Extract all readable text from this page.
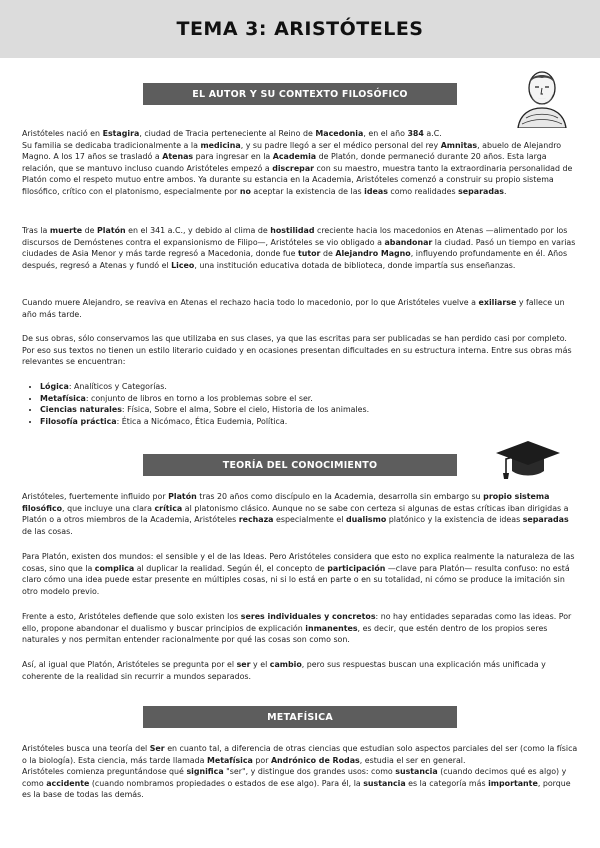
TEMA 3: ARISTÓTELES
EL AUTOR Y SU CONTEXTO FILOSÓFICO

Aristóteles nació en Estagira, ciudad de Tracia perteneciente al Reino de Macedonia, en el año 384 a.C.
Su familia se dedicaba tradicionalmente a la medicina, y su padre llegó a ser el médico personal del rey Amnitas, abuelo de Alejandro Magno. A los 17 años se trasladó a Atenas para ingresar en la Academia de Platón, donde permaneció durante 20 años. Esta larga relación, que se mantuvo incluso cuando Aristóteles empezó a discrepar con su maestro, muestra tanto la extraordinaria personalidad de Platón como el respeto mutuo entre ambos. Ya durante su estancia en la Academia, Aristóteles comenzó a construir su propio sistema filosófico, crítico con el platonismo, especialmente por no aceptar la existencia de las ideas como realidades separadas.

Tras la muerte de Platón en el 341 a.C., y debido al clima de hostilidad creciente hacia los macedonios en Atenas —alimentado por los discursos de Demóstenes contra el expansionismo de Filipo—, Aristóteles se vio obligado a abandonar la ciudad. Pasó un tiempo en varias ciudades de Asia Menor y más tarde regresó a Macedonia, donde fue tutor de Alejandro Magno, influyendo profundamente en él. Años después, regresó a Atenas y fundó el Liceo, una institución educativa dotada de biblioteca, donde impartía sus enseñanzas.

Cuando muere Alejandro, se reaviva en Atenas el rechazo hacia todo lo macedonio, por lo que Aristóteles vuelve a exiliarse y fallece un año más tarde.

De sus obras, sólo conservamos las que utilizaba en sus clases, ya que las escritas para ser publicadas se han perdido casi por completo. Por eso sus textos no tienen un estilo literario cuidado y en ocasiones presentan dificultades en su estructura interna. Entre sus obras más relevantes se encuentran:

• Lógica: Analíticos y Categorías.
• Metafísica: conjunto de libros en torno a los problemas sobre el ser.
• Ciencias naturales: Física, Sobre el alma, Sobre el cielo, Historia de los animales.
• Filosofía práctica: Ética a Nicómaco, Ética Eudemia, Política.
TEORÍA DEL CONOCIMIENTO

Aristóteles, fuertemente influido por Platón tras 20 años como discípulo en la Academia, desarrolla sin embargo su propio sistema filosófico, que incluye una clara crítica al platonismo clásico. Aunque no se sabe con certeza si algunas de estas críticas iban dirigidas a Platón o a otros miembros de la Academia, Aristóteles rechaza especialmente el dualismo platónico y la existencia de ideas separadas de las cosas.

Para Platón, existen dos mundos: el sensible y el de las Ideas. Pero Aristóteles considera que esto no explica realmente la naturaleza de las cosas, sino que la complica al duplicar la realidad. Según él, el concepto de participación —clave para Platón— resulta confuso: no está claro cómo una idea puede estar presente en múltiples cosas, ni si lo está en parte o en su totalidad, ni cómo se produce la imitación sin otro modelo previo.

Frente a esto, Aristóteles defiende que solo existen los seres individuales y concretos: no hay entidades separadas como las ideas. Por ello, propone abandonar el dualismo y buscar principios de explicación inmanentes, es decir, que estén dentro de los propios seres naturales y nos permitan entender racionalmente por qué las cosas son como son.

Así, al igual que Platón, Aristóteles se pregunta por el ser y el cambio, pero sus respuestas buscan una explicación más unificada y coherente de la realidad sin recurrir a mundos separados.

METAFÍSICA

Aristóteles busca una teoría del Ser en cuanto tal, a diferencia de otras ciencias que estudian solo aspectos parciales del ser (como la física o la biología). Esta ciencia, más tarde llamada Metafísica por Andrónico de Rodas, estudia el ser en general.
Aristóteles comienza preguntándose qué significa "ser", y distingue dos grandes usos: como sustancia (cuando decimos qué es algo) y como accidente (cuando nombramos propiedades o estados de ese algo). Para él, la sustancia es la categoría más importante, porque es la base de todas las demás.
